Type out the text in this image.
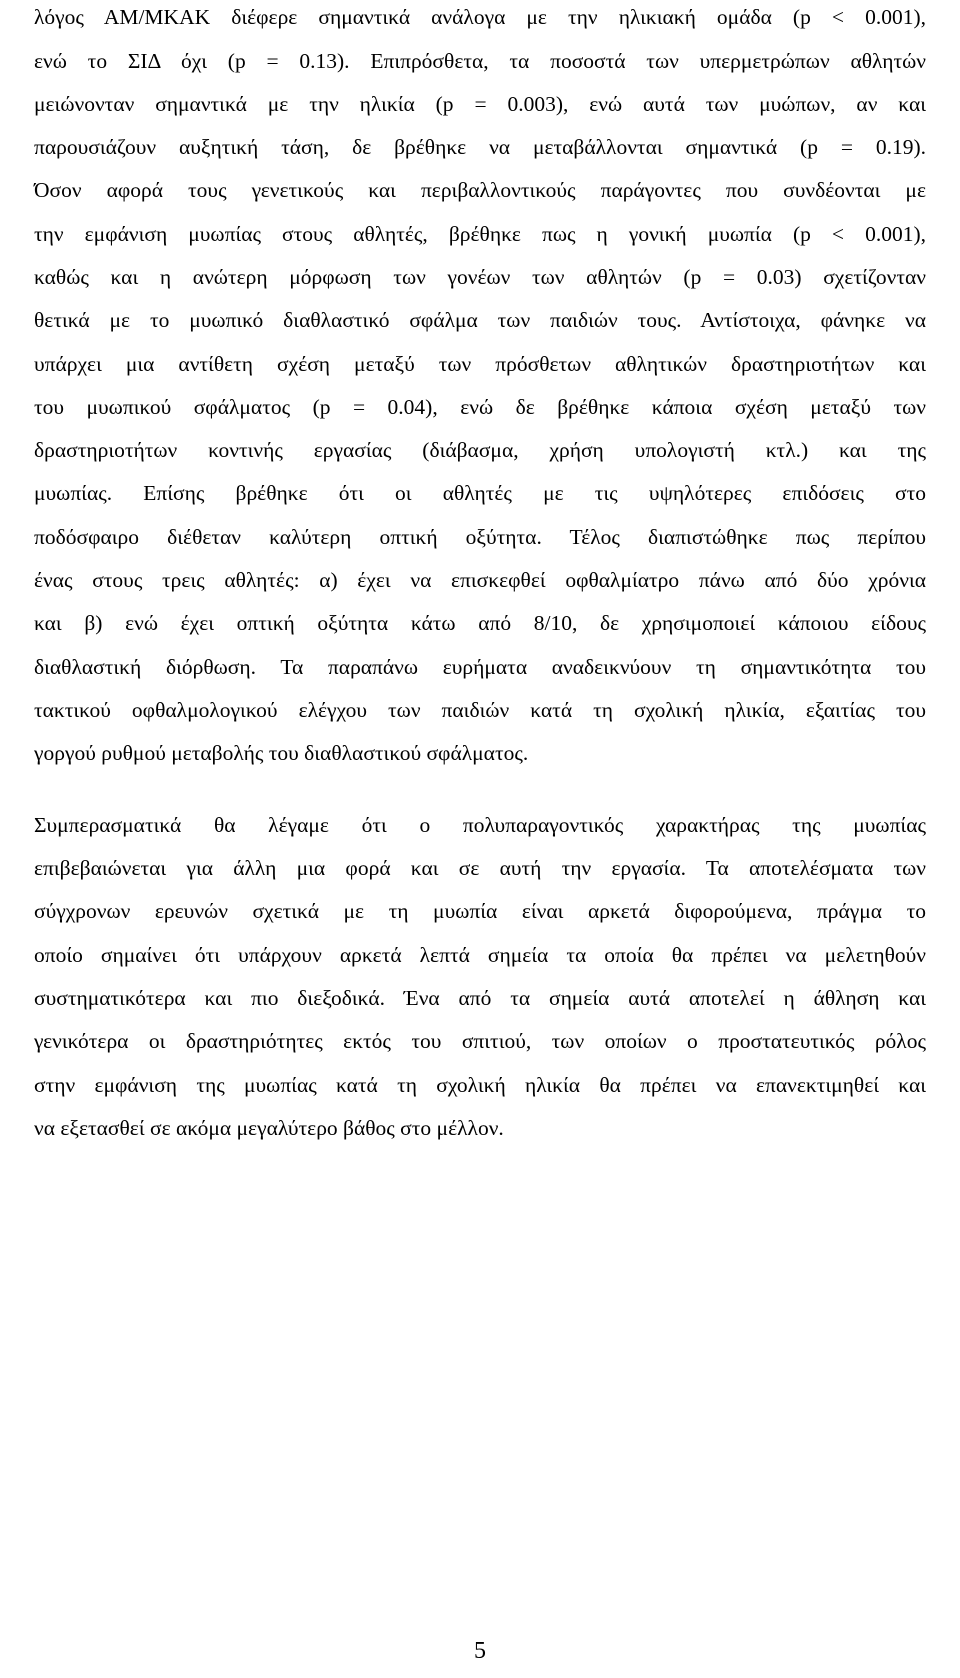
λόγος ΑΜ/ΜΚΑΚ διέφερε σημαντικά ανάλογα με την ηλικιακή ομάδα (p < 0.001),
ενώ το ΣΙΔ όχι (p = 0.13). Επιπρόσθετα, τα ποσοστά των υπερμετρώπων αθλητών
μειώνονταν σημαντικά με την ηλικία (p = 0.003), ενώ αυτά των μυώπων, αν και
παρουσιάζουν αυξητική τάση, δε βρέθηκε να μεταβάλλονται σημαντικά (p = 0.19).
Όσον αφορά τους γενετικούς και περιβαλλοντικούς παράγοντες που συνδέονται με
την εμφάνιση μυωπίας στους αθλητές, βρέθηκε πως η γονική μυωπία (p < 0.001),
καθώς και η ανώτερη μόρφωση των γονέων των αθλητών (p = 0.03) σχετίζονταν
θετικά με το μυωπικό διαθλαστικό σφάλμα των παιδιών τους. Αντίστοιχα, φάνηκε να
υπάρχει μια αντίθετη σχέση μεταξύ των πρόσθετων αθλητικών δραστηριοτήτων και
του μυωπικού σφάλματος (p = 0.04), ενώ δε βρέθηκε κάποια σχέση μεταξύ των
δραστηριοτήτων κοντινής εργασίας (διάβασμα, χρήση υπολογιστή κτλ.) και της
μυωπίας. Επίσης βρέθηκε ότι οι αθλητές με τις υψηλότερες επιδόσεις στο
ποδόσφαιρο διέθεταν καλύτερη οπτική οξύτητα. Τέλος διαπιστώθηκε πως περίπου
ένας στους τρεις αθλητές: α) έχει να επισκεφθεί οφθαλμίατρο πάνω από δύο χρόνια
και β) ενώ έχει οπτική οξύτητα κάτω από 8/10, δε χρησιμοποιεί κάποιου είδους
διαθλαστική διόρθωση. Τα παραπάνω ευρήματα αναδεικνύουν τη σημαντικότητα του
τακτικού οφθαλμολογικού ελέγχου των παιδιών κατά τη σχολική ηλικία, εξαιτίας του
γοργού ρυθμού μεταβολής του διαθλαστικού σφάλματος.
Συμπερασματικά θα λέγαμε ότι ο πολυπαραγοντικός χαρακτήρας της μυωπίας
επιβεβαιώνεται για άλλη μια φορά και σε αυτή την εργασία. Τα αποτελέσματα των
σύγχρονων ερευνών σχετικά με τη μυωπία είναι αρκετά διφορούμενα, πράγμα το
οποίο σημαίνει ότι υπάρχουν αρκετά λεπτά σημεία τα οποία θα πρέπει να μελετηθούν
συστηματικότερα και πιο διεξοδικά. Ένα από τα σημεία αυτά αποτελεί η άθληση και
γενικότερα οι δραστηριότητες εκτός του σπιτιού, των οποίων ο προστατευτικός ρόλος
στην εμφάνιση της μυωπίας κατά τη σχολική ηλικία θα πρέπει να επανεκτιμηθεί και
να εξετασθεί σε ακόμα μεγαλύτερο βάθος στο μέλλον.
5
